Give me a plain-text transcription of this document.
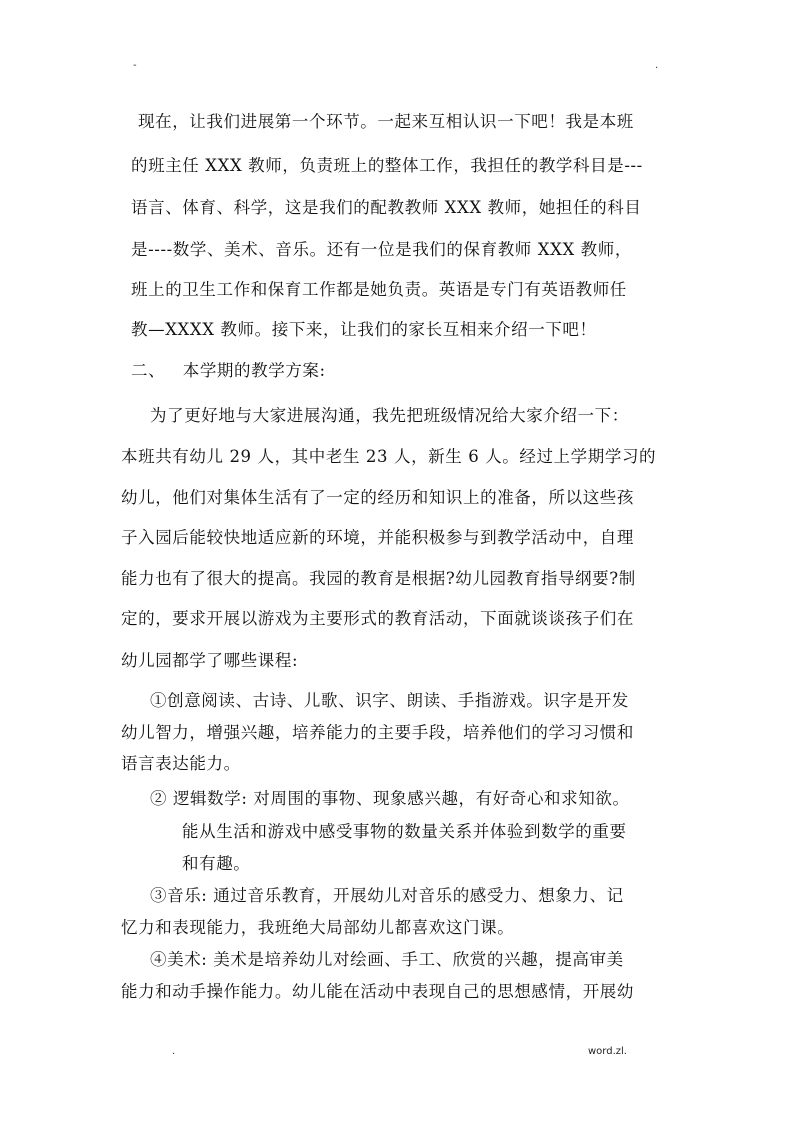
-	.
现在，让我们进展第一个环节。一起来互相认识一下吧！我是本班
的班主任 XXX 教师，负责班上的整体工作，我担任的教学科目是---
语言、体育、科学，这是我们的配教教师 XXX 教师，她担任的科目
是----数学、美术、音乐。还有一位是我们的保育教师 XXX 教师，
班上的卫生工作和保育工作都是她负责。英语是专门有英语教师任
教—XXXX 教师。接下来，让我们的家长互相来介绍一下吧！
二、   本学期的教学方案:
为了更好地与大家进展沟通，我先把班级情况给大家介绍一下：
本班共有幼儿 29 人，其中老生 23 人，新生 6 人。经过上学期学习的
幼儿，他们对集体生活有了一定的经历和知识上的准备，所以这些孩
子入园后能较快地适应新的环境，并能积极参与到教学活动中，自理
能力也有了很大的提高。我园的教育是根据?幼儿园教育指导纲要?制
定的，要求开展以游戏为主要形式的教育活动，下面就谈谈孩子们在
幼儿园都学了哪些课程:
①创意阅读、古诗、儿歌、识字、朗读、手指游戏。识字是开发
幼儿智力，增强兴趣，培养能力的主要手段，培养他们的学习习惯和
语言表达能力。
② 逻辑数学: 对周围的事物、现象感兴趣，有好奇心和求知欲。
能从生活和游戏中感受事物的数量关系并体验到数学的重要
和有趣。
③音乐: 通过音乐教育，开展幼儿对音乐的感受力、想象力、记
忆力和表现能力，我班绝大局部幼儿都喜欢这门课。
④美术: 美术是培养幼儿对绘画、手工、欣赏的兴趣，提高审美
能力和动手操作能力。幼儿能在活动中表现自己的思想感情，开展幼
.	word.zl.
